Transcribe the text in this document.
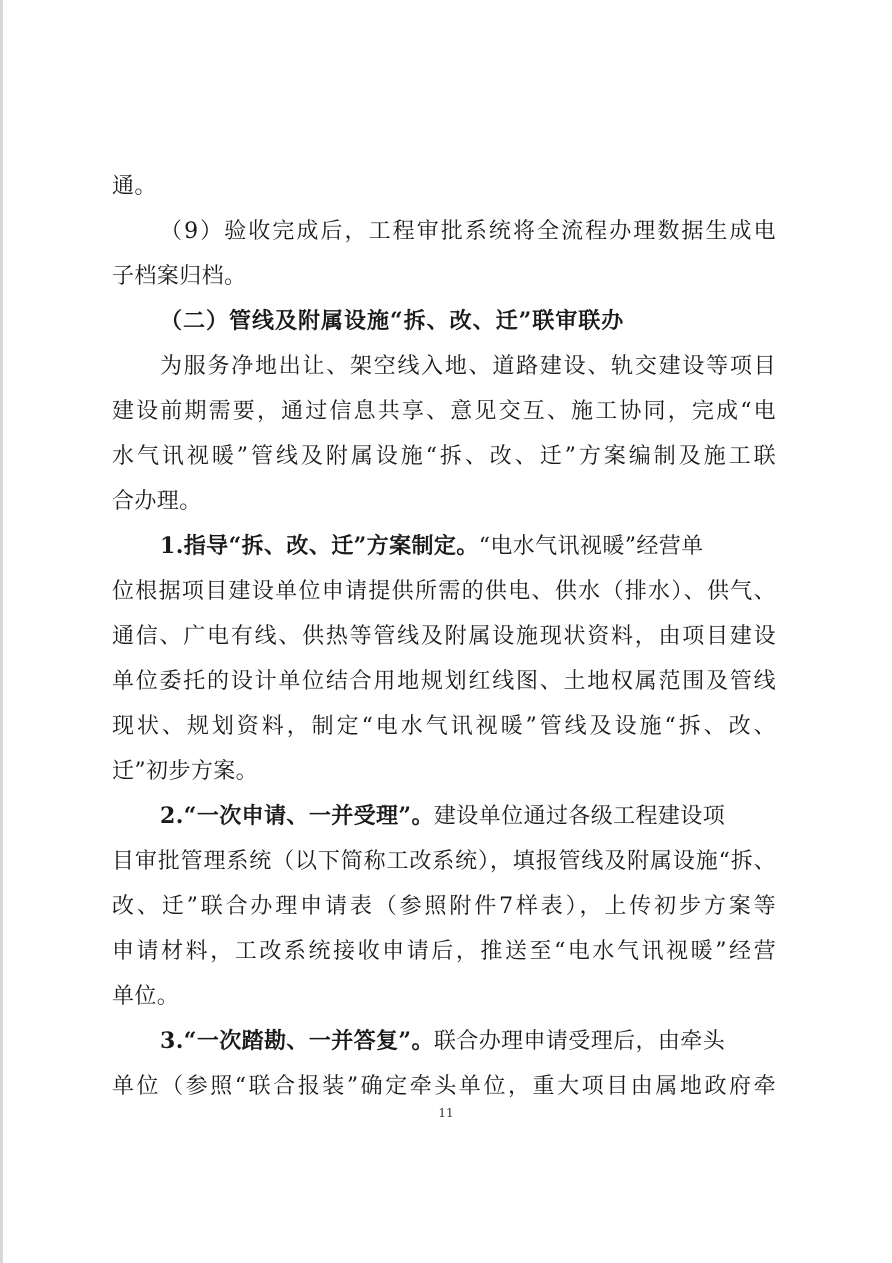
通。
（9）验收完成后，工程审批系统将全流程办理数据生成电
子档案归档。
（二）管线及附属设施“拆、改、迁”联审联办
为服务净地出让、架空线入地、道路建设、轨交建设等项目
建设前期需要，通过信息共享、意见交互、施工协同，完成“电
水气讯视暖”管线及附属设施“拆、改、迁”方案编制及施工联
合办理。
1.指导“拆、改、迁”方案制定。“电水气讯视暖”经营单
位根据项目建设单位申请提供所需的供电、供水（排水）、供气、
通信、广电有线、供热等管线及附属设施现状资料，由项目建设
单位委托的设计单位结合用地规划红线图、土地权属范围及管线
现状、规划资料，制定“电水气讯视暖”管线及设施“拆、改、
迁”初步方案。
2.“一次申请、一并受理”。建设单位通过各级工程建设项
目审批管理系统（以下简称工改系统），填报管线及附属设施“拆、
改、迁”联合办理申请表（参照附件7样表），上传初步方案等
申请材料，工改系统接收申请后，推送至“电水气讯视暖”经营
单位。
3.“一次踏勘、一并答复”。联合办理申请受理后，由牵头
单位（参照“联合报装”确定牵头单位，重大项目由属地政府牵
11
